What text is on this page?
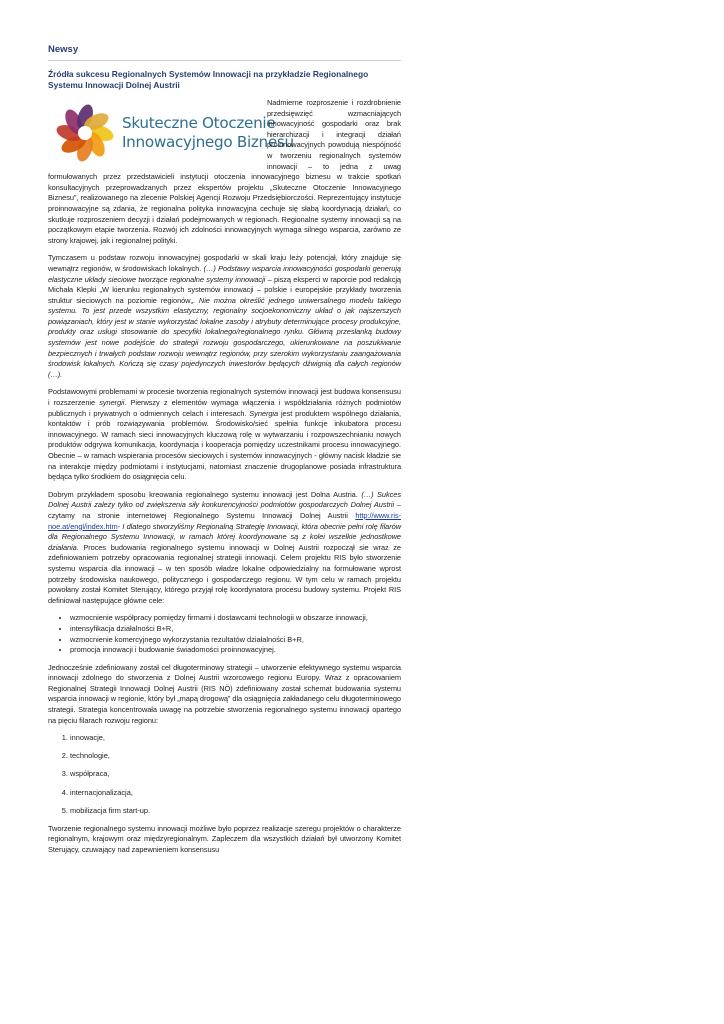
Newsy
Źródła sukcesu Regionalnych Systemów Innowacji na przykładzie Regionalnego Systemu Innowacji Dolnej Austrii
Skuteczne Otoczenie
Innowacyjnego Biznesu

Nadmierne rozproszenie i rozdrobnienie przedsięwzięć wzmacniających innowacyjność gospodarki oraz brak hierarchizacji i integracji działań proinnowacyjnych powodują niespójność w tworzeniu regionalnych systemów innowacji – to jedna z uwag formułowanych przez przedstawicieli instytucji otoczenia innowacyjnego biznesu w trakcie spotkań konsultacyjnych przeprowadzanych przez ekspertów projektu „Skuteczne Otoczenie Innowacyjnego Biznesu”, realizowanego na zlecenie Polskiej Agencji Rozwoju Przedsiębiorczości. Reprezentujący instytucje proinnowacyjne są zdania, że regionalna polityka innowacyjna cechuje się słabą koordynacją działań, co skutkuje rozproszeniem decyzji i działań podejmowanych w regionach. Regionalne systemy innowacji są na początkowym etapie tworzenia. Rozwój ich zdolności innowacyjnych wymaga silnego wsparcia, zarówno ze strony krajowej, jak i regionalnej polityki.

Tymczasem u podstaw rozwoju innowacyjnej gospodarki w skali kraju leży potencjał, który znajduje się wewnątrz regionów, w środowiskach lokalnych. (…) Podstawy wsparcia innowacyjności gospodarki generują elastyczne układy sieciowe tworzące regionalne systemy innowacji – piszą eksperci w raporcie pod redakcją Michała Klepki „W kierunku regionalnych systemów innowacji – polskie i europejskie przykłady tworzenia struktur sieciowych na poziomie regionów„. Nie można określić jednego uniwersalnego modelu takiego systemu. To jest przede wszystkim elastyczny, regionalny socjoekonomiczny układ o jak najszerszych powiązaniach, który jest w stanie wykorzystać lokalne zasoby i atrybuty determinujące procesy produkcyjne, produkty oraz usługi stosowanie do specyfiki lokalnego/regionalnego rynku. Główną przesłanką budowy systemów jest nowe podejście do strategii rozwoju gospodarczego, ukierunkowane na poszukiwanie bezpiecznych i trwałych podstaw rozwoju wewnątrz regionów, przy szerokim wykorzystaniu zaangażowania środowisk lokalnych. Kończą się czasy pojedynczych inwestorów będących dźwignią dla całych regionów (…).

Podstawowymi problemami w procesie tworzenia regionalnych systemów innowacji jest budowa konsensusu i rozszerzenie synergii. Pierwszy z elementów wymaga włączenia i współdziałania różnych podmiotów publicznych i prywatnych o odmiennych celach i interesach. Synergia jest produktem wspólnego działania, kontaktów i prób rozwiązywania problemów. Środowisko/sieć spełnia funkcje inkubatora procesu innowacyjnego. W ramach sieci innowacyjnych kluczową rolę w wytwarzaniu i rozpowszechnianiu nowych produktów odgrywa komunikacja, koordynacja i kooperacja pomiędzy uczestnikami procesu innowacyjnego. Obecnie – w ramach wspierania procesów sieciowych i systemów innowacyjnych - główny nacisk kładzie sie na interakcje między podmiotami i instytucjami, natomiast znaczenie drugoplanowe posiada infrastruktura będąca tylko środkiem do osiągnięcia celu.

Dobrym przykładem sposobu kreowania regionalnego systemu innowacji jest Dolna Austria. (…) Sukces Dolnej Austrii zależy tylko od zwiększenia siły konkurencyjności podmiotów gospodarczych Dolnej Austrii – czytamy na stronie internetowej Regionalnego Systemu Innowacji Dolnej Austrii http://www.ris-noe.at/engl/index.htm- I dlatego stworzyliśmy Regionalną Strategię Innowacji, która obecnie pełni rolę filarów dla Regionalnego Systemu Innowacji, w ramach której koordynowane są z kolei wszelkie jednostkowe działania. Proces budowania regionalnego systemu innowacji w Dolnej Austrii rozpoczął sie wraz ze zdefiniowaniem potrzeby opracowania regionalnej strategii innowacji. Celem projektu RIS było stworzenie systemu wsparcia dla innowacji – w ten sposób władze lokalne odpowiedzialny na formułowane wprost potrzeby środowiska naukowego, politycznego i gospodarczego regionu. W tym celu w ramach projektu powołany został Komitet Sterujący, którego przyjął rolę koordynatora procesu budowy systemu. Projekt RIS definiował następujące główne cele:

• wzmocnienie współpracy pomiędzy firmami i dostawcami technologii w obszarze innowacji,
• intensyfikacja działalności B+R,
• wzmocnienie komercyjnego wykorzystania rezultatów działalności B+R,
• promocja innowacji i budowanie świadomości proinnowacyjnej.

Jednocześnie zdefiniowany został cel długoterminowy strategii – utworzenie efektywnego systemu wsparcia innowacji zdolnego do stworzenia z Dolnej Austrii wzorcowego regionu Europy. Wraz z opracowaniem Regionalnej Strategii Innowacji Dolnej Austrii (RIS NÖ) zdefiniowany został schemat budowania systemu wsparcia innowacji w regionie, który był „mapą drogową” dla osiągnięcia zakładanego celu długoterminowego strategii. Strategia koncentrowała uwagę na potrzebie stworzenia regionalnego systemu innowacji opartego na pięciu filarach rozwoju regionu:

1. innowacje,
2. technologie,
3. współpraca,
4. internacjonalizacja,
5. mobilizacja firm start-up.

Tworzenie regionalnego systemu innowacji możliwe było poprzez realizacje szeregu projektów o charakterze regionalnym, krajowym oraz międzyregionalnym. Zapleczem dla wszystkich działań był utworzony Komitet Sterujący, czuwający nad zapewnieniem konsensusu
